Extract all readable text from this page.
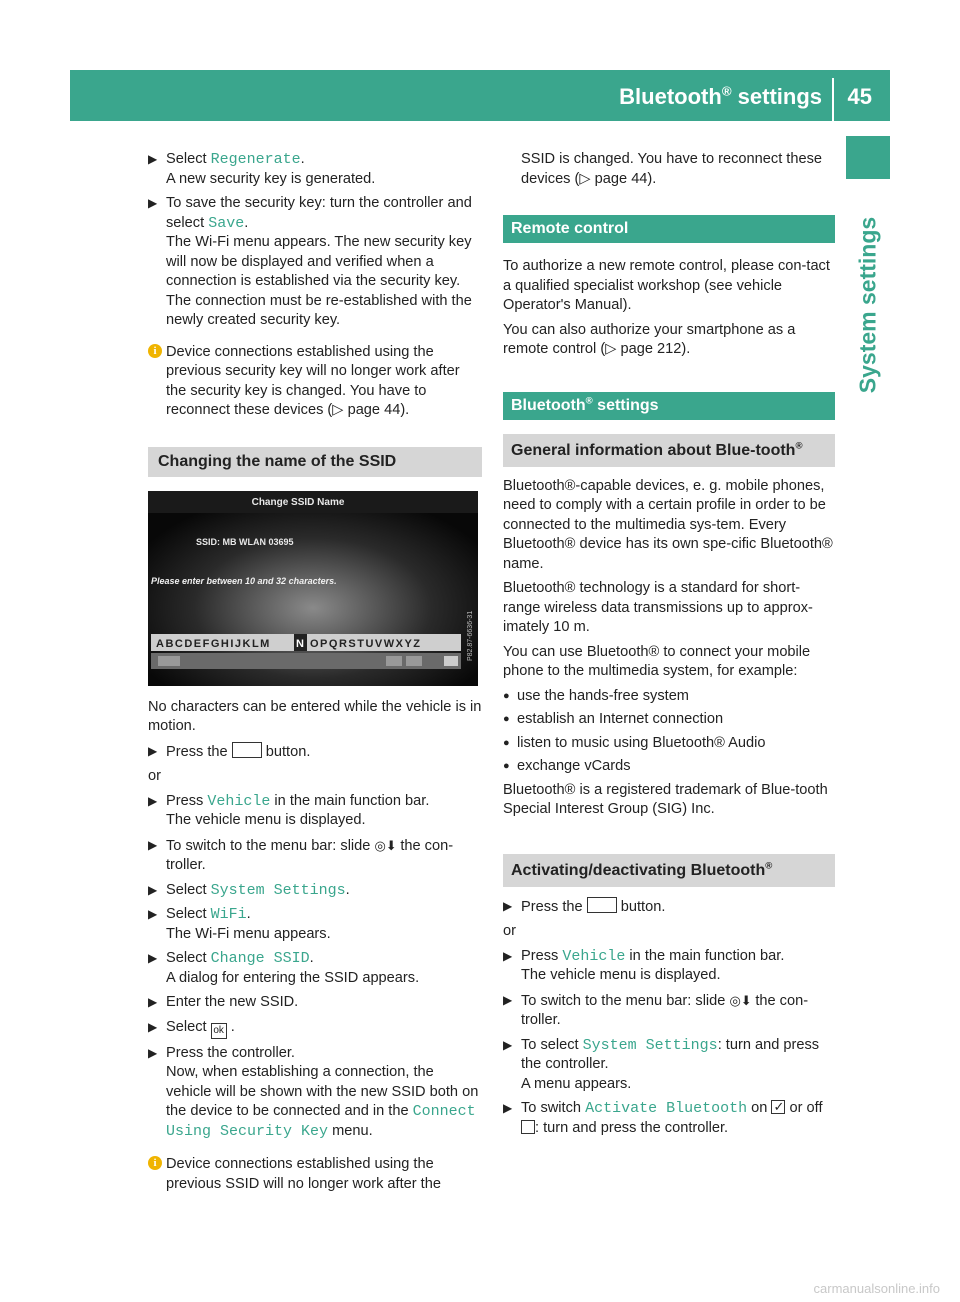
Bluetooth® settings 45
System settings
▶ Select Regenerate.
A new security key is generated.
▶ To save the security key: turn the controller and select Save.
The Wi-Fi menu appears. The new security key will now be displayed and verified when a connection is established via the security key. The connection must be re-established with the newly created security key.
i Device connections established using the previous security key will no longer work after the security key is changed. You have to reconnect these devices (▷ page 44).
Changing the name of the SSID
Change SSID Name
SSID: MB WLAN 03695
Please enter between 10 and 32 characters.
ABCDEFGHIJKLM N OPQRSTUVWXYZ	P82.87-6636-31
No characters can be entered while the vehicle is in motion.
▶ Press the  button.
or
▶ Press Vehicle in the main function bar.
The vehicle menu is displayed.
▶ To switch to the menu bar: slide ◎⬇ the con-troller.
▶ Select System Settings.
▶ Select WiFi.
The Wi-Fi menu appears.
▶ Select Change SSID.
A dialog for entering the SSID appears.
▶ Enter the new SSID.
▶ Select ok .
▶ Press the controller.
Now, when establishing a connection, the vehicle will be shown with the new SSID both on the device to be connected and in the Connect Using Security Key menu.
i Device connections established using the previous SSID will no longer work after the
SSID is changed. You have to reconnect these devices (▷ page 44).
Remote control
To authorize a new remote control, please con-tact a qualified specialist workshop (see vehicle Operator's Manual).
You can also authorize your smartphone as a remote control (▷ page 212).
Bluetooth® settings
General information about Blue-tooth®
Bluetooth®-capable devices, e. g. mobile phones, need to comply with a certain profile in order to be connected to the multimedia sys-tem. Every Bluetooth® device has its own spe-cific Bluetooth® name.
Bluetooth® technology is a standard for short-range wireless data transmissions up to approx-imately 10 m.
You can use Bluetooth® to connect your mobile phone to the multimedia system, for example:
● use the hands-free system
● establish an Internet connection
● listen to music using Bluetooth® Audio
● exchange vCards
Bluetooth® is a registered trademark of Blue-tooth Special Interest Group (SIG) Inc.
Activating/deactivating Bluetooth®
▶ Press the  button.
or
▶ Press Vehicle in the main function bar.
The vehicle menu is displayed.
▶ To switch to the menu bar: slide ◎⬇ the con-troller.
▶ To select System Settings: turn and press the controller.
A menu appears.
▶ To switch Activate Bluetooth on ✓ or off
: turn and press the controller.
carmanualsonline.info
